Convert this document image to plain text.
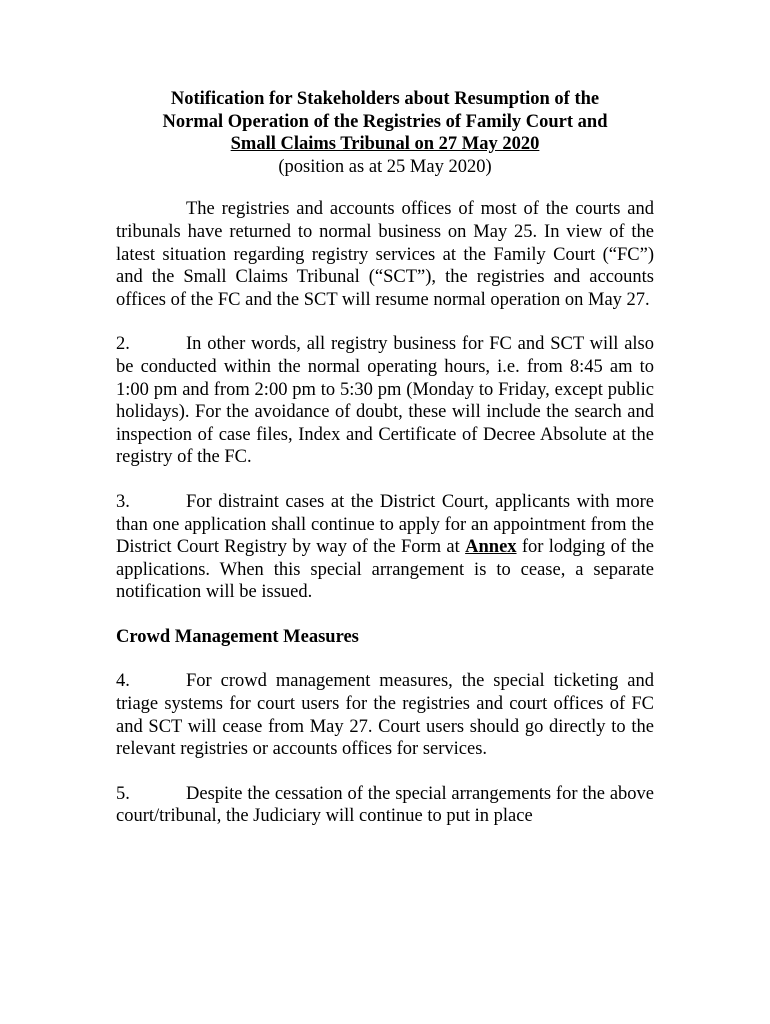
Notification for Stakeholders about Resumption of the
Normal Operation of the Registries of Family Court and
Small Claims Tribunal on 27 May 2020
(position as at 25 May 2020)

The registries and accounts offices of most of the courts and tribunals have returned to normal business on May 25. In view of the latest situation regarding registry services at the Family Court (“FC”) and the Small Claims Tribunal (“SCT”), the registries and accounts offices of the FC and the SCT will resume normal operation on May 27.

2.	In other words, all registry business for FC and SCT will also be conducted within the normal operating hours, i.e. from 8:45 am to 1:00 pm and from 2:00 pm to 5:30 pm (Monday to Friday, except public holidays). For the avoidance of doubt, these will include the search and inspection of case files, Index and Certificate of Decree Absolute at the registry of the FC.

3.	For distraint cases at the District Court, applicants with more than one application shall continue to apply for an appointment from the District Court Registry by way of the Form at Annex for lodging of the applications. When this special arrangement is to cease, a separate notification will be issued.

Crowd Management Measures

4.	For crowd management measures, the special ticketing and triage systems for court users for the registries and court offices of FC and SCT will cease from May 27. Court users should go directly to the relevant registries or accounts offices for services.

5.	Despite the cessation of the special arrangements for the above court/tribunal, the Judiciary will continue to put in place
